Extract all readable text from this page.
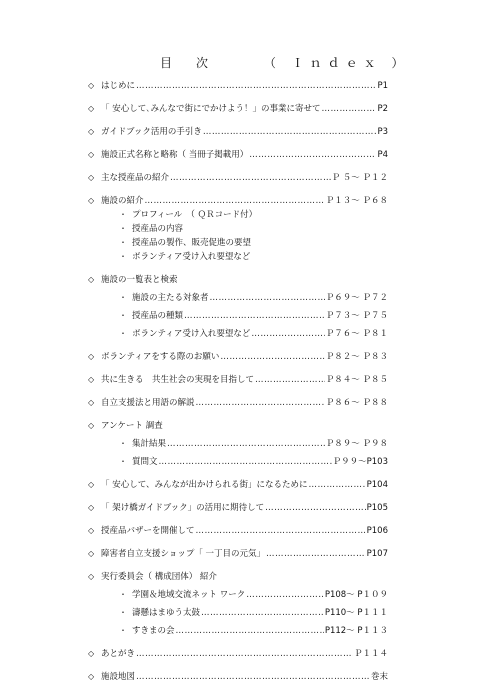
目　次	（ Ｉｎｄｅｘ ）
◇ はじめに …………………………………………………………………………………………………………………………………………………………	P1
◇ 「 安心して､みんなで街にでかけよう！」の事業に寄せて …………………………………………………………………………………………………………………………………………………………	P2
◇ ガイドブック活用の手引き …………………………………………………………………………………………………………………………………………………………	P3
◇ 施設正式名称と略称（ 当冊子掲載用） …………………………………………………………………………………………………………………………………………………………	P4
◇ 主な授産品の紹介 …………………………………………………………………………………………………………………………………………………………	Ｐ ５～ Ｐ１２
◇ 施設の紹介 …………………………………………………………………………………………………………………………………………………………	Ｐ１３～ Ｐ６８
・ プロフィール　（ ＱＲコード付）
・ 授産品の内容
・ 授産品の製作、販売促進の要望
・ ボランティア受け入れ要望など
◇ 施設の一覧表と検索
・ 施設の主たる対象者 …………………………………………………………………………………………………………………………………………………………	Ｐ６９～ Ｐ７２
・ 授産品の種類 …………………………………………………………………………………………………………………………………………………………	Ｐ７３～ Ｐ７５
・ ボランティア受け入れ要望など …………………………………………………………………………………………………………………………………………………………	Ｐ７６～ Ｐ８１
◇ ボランティアをする際のお願い …………………………………………………………………………………………………………………………………………………………	Ｐ８２～ Ｐ８３
◇ 共に生きる　共生社会の実現を目指して …………………………………………………………………………………………………………………………………………………………	Ｐ８４～ Ｐ８５
◇ 自立支援法と用語の解説 …………………………………………………………………………………………………………………………………………………………	Ｐ８６～ Ｐ８８
◇ アンケート 調査
・ 集計結果 …………………………………………………………………………………………………………………………………………………………	Ｐ８９～ Ｐ９８
・ 質問文 …………………………………………………………………………………………………………………………………………………………	Ｐ９９～P103
◇ 「 安心して、みんなが出かけられる街」になるために …………………………………………………………………………………………………………………………………………………………	P104
◇ 「 架け橋ガイドブック」の活用に期待して …………………………………………………………………………………………………………………………………………………………	P105
◇ 授産品バザーを開催して …………………………………………………………………………………………………………………………………………………………	P106
◇ 障害者自立支援ショップ「 一丁目の元気」 …………………………………………………………………………………………………………………………………………………………	P107
◇ 実行委員会（ 構成団体） 紹介
・ 学園＆地域交流ネット ワーク …………………………………………………………………………………………………………………………………………………………	P108～ P１０９
・ 濤懸はまゆう太鼓 …………………………………………………………………………………………………………………………………………………………	P110～ P１１１
・ すきまの会 …………………………………………………………………………………………………………………………………………………………	P112～ P１１３
◇ あとがき …………………………………………………………………………………………………………………………………………………………	Ｐ１１４
◇ 施設地図 …………………………………………………………………………………………………………………………………………………………	巻末
